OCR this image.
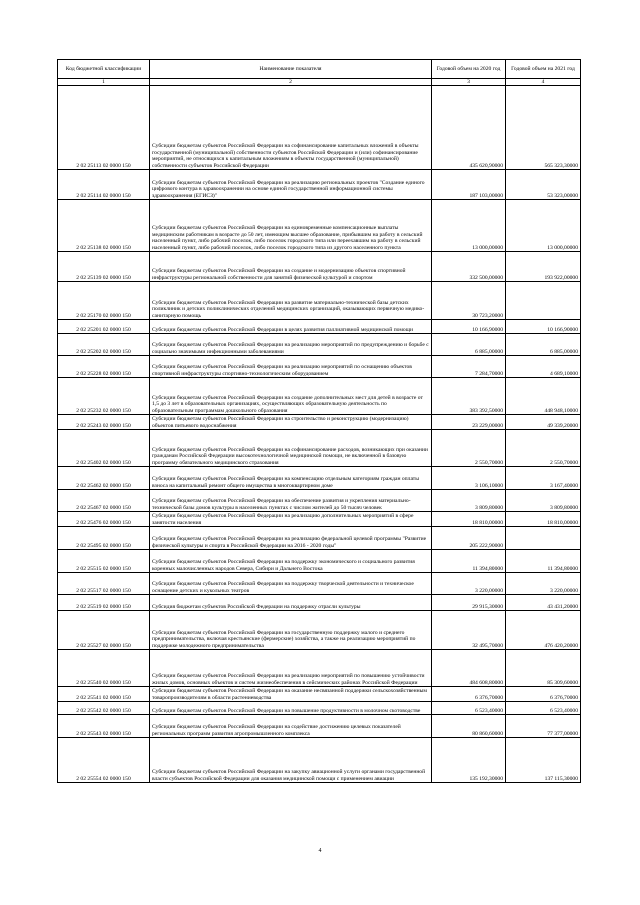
Код бюджетной классификации	Наименование показателя	Годовой объем на 2020 год	Годовой объем на 2021 год
1	2	3	4
2 02 25113 02 0000 150	Субсидии бюджетам субъектов Российской Федерации на софинансирование капитальных вложений в объекты государственной (муниципальной) собственности субъектов Российской Федерации и (или) софинансирование мероприятий, не относящихся к капитальным вложениям в объекты государственной (муниципальной) собственности субъектов Российской Федерации	435 620,90000	565 323,30000
2 02 25114 02 0000 150	Субсидии бюджетам субъектов Российской Федерации на реализацию региональных проектов "Создание единого цифрового контура в здравоохранении на основе единой государственной информационной системы здравоохранения (ЕГИСЗ)"	187 103,00000	53 323,00000
2 02 25138 02 0000 150	Субсидии бюджетам субъектов Российской Федерации на единовременные компенсационные выплаты медицинским работникам в возрасте до 50 лет, имеющим высшее образование, прибывшим на работу в сельский населенный пункт, либо рабочий поселок, либо поселок городского типа или переехавшим на работу в сельский населенный пункт, либо рабочий поселок, либо поселок городского типа из другого населенного пункта	13 000,00000	13 000,00000
2 02 25139 02 0000 150	Субсидии бюджетам субъектов Российской Федерации на создание и модернизацию объектов спортивной инфраструктуры региональной собственности для занятий физической культурой и спортом	332 500,00000	193 922,00000
2 02 25170 02 0000 150	Субсидии бюджетам субъектов Российской Федерации на развитие материально-технической базы детских поликлиник и детских поликлинических отделений медицинских организаций, оказывающих первичную медико-санитарную помощь	30 723,20000	
2 02 25201 02 0000 150	Субсидии бюджетам субъектов Российской Федерации в целях развития паллиативной медицинской помощи	10 166,90000	10 166,90000
2 02 25202 02 0000 150	Субсидии бюджетам субъектов Российской Федерации на реализацию мероприятий по предупреждению и борьбе с социально значимыми инфекционными заболеваниями	6 885,00000	6 885,00000
2 02 25228 02 0000 150	Субсидии бюджетам субъектов Российской Федерации на реализацию мероприятий по оснащению объектов спортивной инфраструктуры спортивно-технологическим оборудованием	7 284,70000	4 689,10000
2 02 25232 02 0000 150	Субсидии бюджетам субъектов Российской Федерации на создание дополнительных мест для детей в возрасте от 1,5 до 3 лет в образовательных организациях, осуществляющих образовательную деятельность по образовательным программам дошкольного образования	383 392,50000	448 948,10000
2 02 25243 02 0000 150	Субсидии бюджетам субъектов Российской Федерации на строительство и реконструкцию (модернизацию) объектов питьевого водоснабжения	23 229,00000	49 339,20000
2 02 25402 02 0000 150	Субсидии бюджетам субъектов Российской Федерации на софинансирование расходов, возникающих при оказании гражданам Российской Федерации высокотехнологичной медицинской помощи, не включенной в базовую программу обязательного медицинского страхования	2 550,70000	2 550,70000
2 02 25462 02 0000 150	Субсидии бюджетам субъектов Российской Федерации на компенсацию отдельным категориям граждан оплаты взноса на капитальный ремонт общего имущества в многоквартирном доме	3 106,10000	3 167,40000
2 02 25467 02 0000 150	Субсидии бюджетам субъектов Российской Федерации на обеспечение развития и укрепления материально-технической базы домов культуры в населенных пунктах с числом жителей до 50 тысяч человек	3 809,80000	3 809,80000
2 02 25476 02 0000 150	Субсидии бюджетам субъектов Российской Федерации на реализацию дополнительных мероприятий в сфере занятости населения	18 810,00000	18 810,00000
2 02 25495 02 0000 150	Субсидии бюджетам субъектов Российской Федерации на реализацию федеральной целевой программы "Развитие физической культуры и спорта в Российской Федерации на 2016 - 2020 годы"	205 222,90000	
2 02 25515 02 0000 150	Субсидии бюджетам субъектов Российской Федерации на поддержку экономического и социального развития коренных малочисленных народов Севера, Сибири и Дальнего Востока	11 394,80000	11 394,80000
2 02 25517 02 0000 150	Субсидии бюджетам субъектов Российской Федерации на поддержку творческой деятельности и техническое оснащение детских и кукольных театров	3 220,00000	3 220,00000
2 02 25519 02 0000 150	Субсидия бюджетам субъектов Российской Федерации на поддержку отрасли культуры	29 915,30000	43 431,20000
2 02 25527 02 0000 150	Субсидии бюджетам субъектов Российской Федерации на государственную поддержку малого и среднего предпринимательства, включая крестьянские (фермерские) хозяйства, а также на реализацию мероприятий по поддержке молодежного предпринимательства	32 495,70000	476 420,20000
2 02 25540 02 0000 150	Субсидии бюджетам субъектов Российской Федерации на реализацию мероприятий по повышению устойчивости жилых домов, основных объектов и систем жизнеобеспечения в сейсмических районах Российской Федерации	484 608,80000	85 309,60000
2 02 25541 02 0000 150	Субсидии бюджетам субъектов Российской Федерации на оказание несвязанной поддержки сельскохозяйственным товаропроизводителям в области растениеводства	6 376,70000	6 376,70000
2 02 25542 02 0000 150	Субсидии бюджетам субъектов Российской Федерации на повышение продуктивности в молочном скотоводстве	6 523,40000	6 523,40000
2 02 25543 02 0000 150	Субсидии бюджетам субъектов Российской Федерации на содействие достижению целевых показателей региональных программ развития агропромышленного комплекса	80 860,60000	77 377,00000
2 02 25554 02 0000 150	Субсидии бюджетам субъектов Российской Федерации на закупку авиационной услуги органами государственной власти субъектов Российской Федерации для оказания медицинской помощи с применением авиации	135 192,30000	137 115,30000
4
